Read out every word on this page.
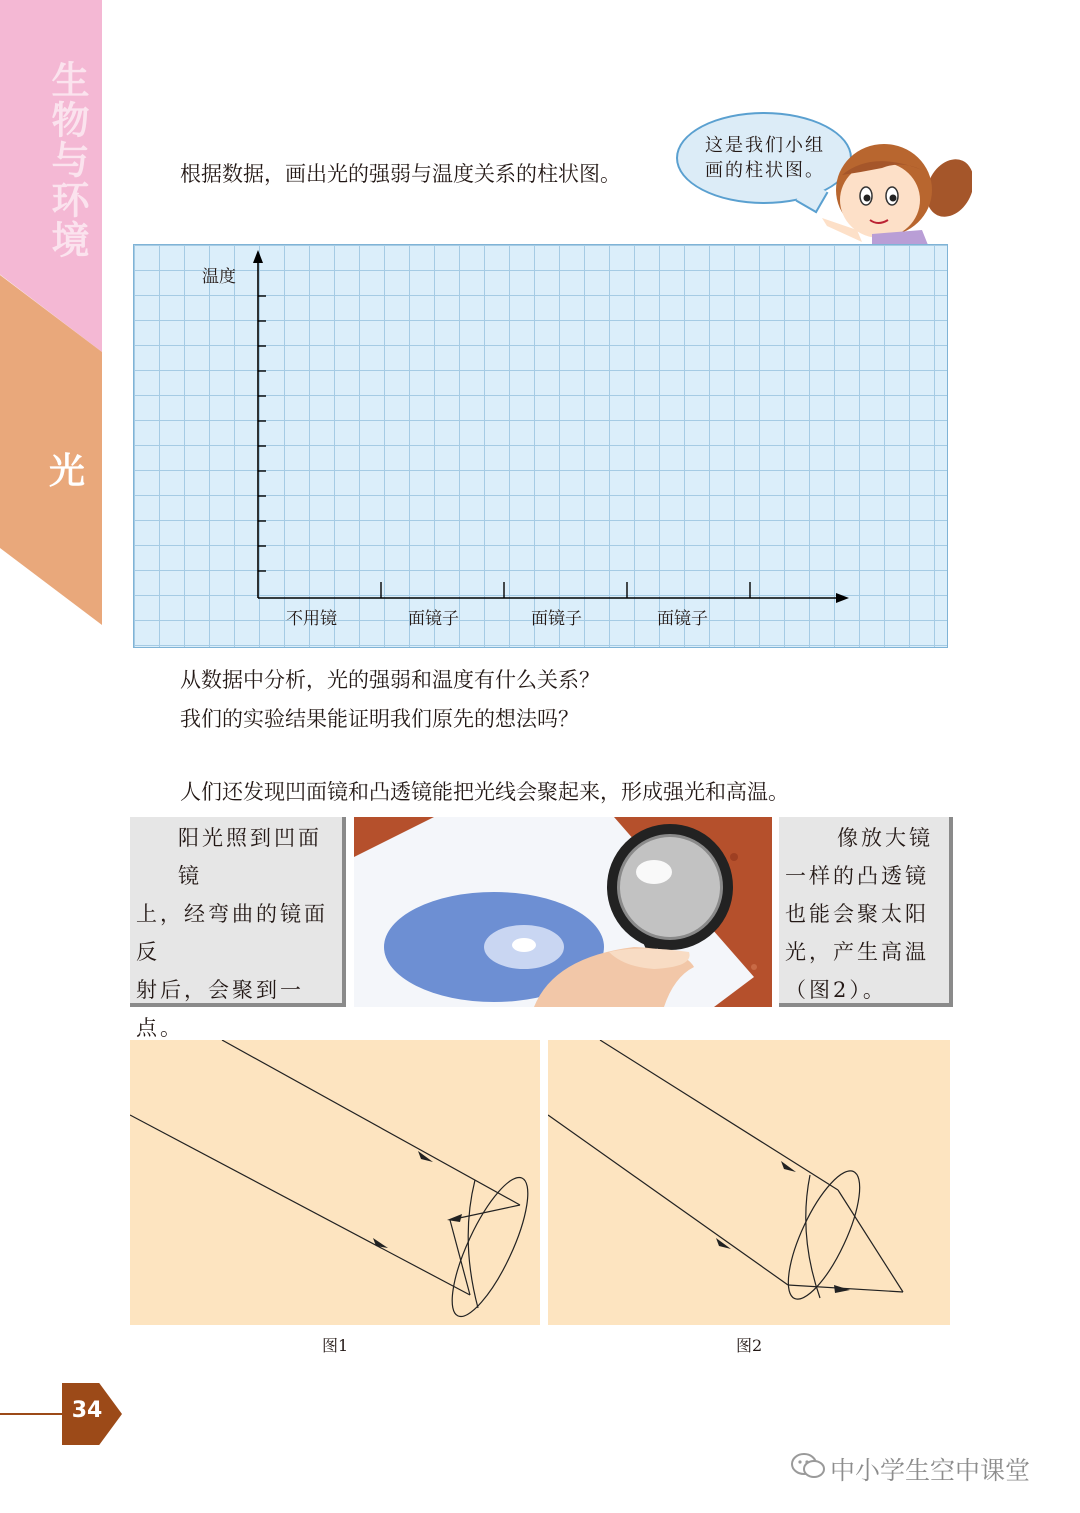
生物与环境
光
根据数据，画出光的强弱与温度关系的柱状图。
这是我们小组
画的柱状图。
温度
不用镜	面镜子	面镜子	面镜子
从数据中分析，光的强弱和温度有什么关系？
我们的实验结果能证明我们原先的想法吗？
人们还发现凹面镜和凸透镜能把光线会聚起来，形成强光和高温。
阳光照到凹面镜
上，经弯曲的镜面反
射后，会聚到一点。
像放大镜
一样的凸透镜
也能会聚太阳
光，产生高温
（图2）。
图1	图2
34
中小学生空中课堂
